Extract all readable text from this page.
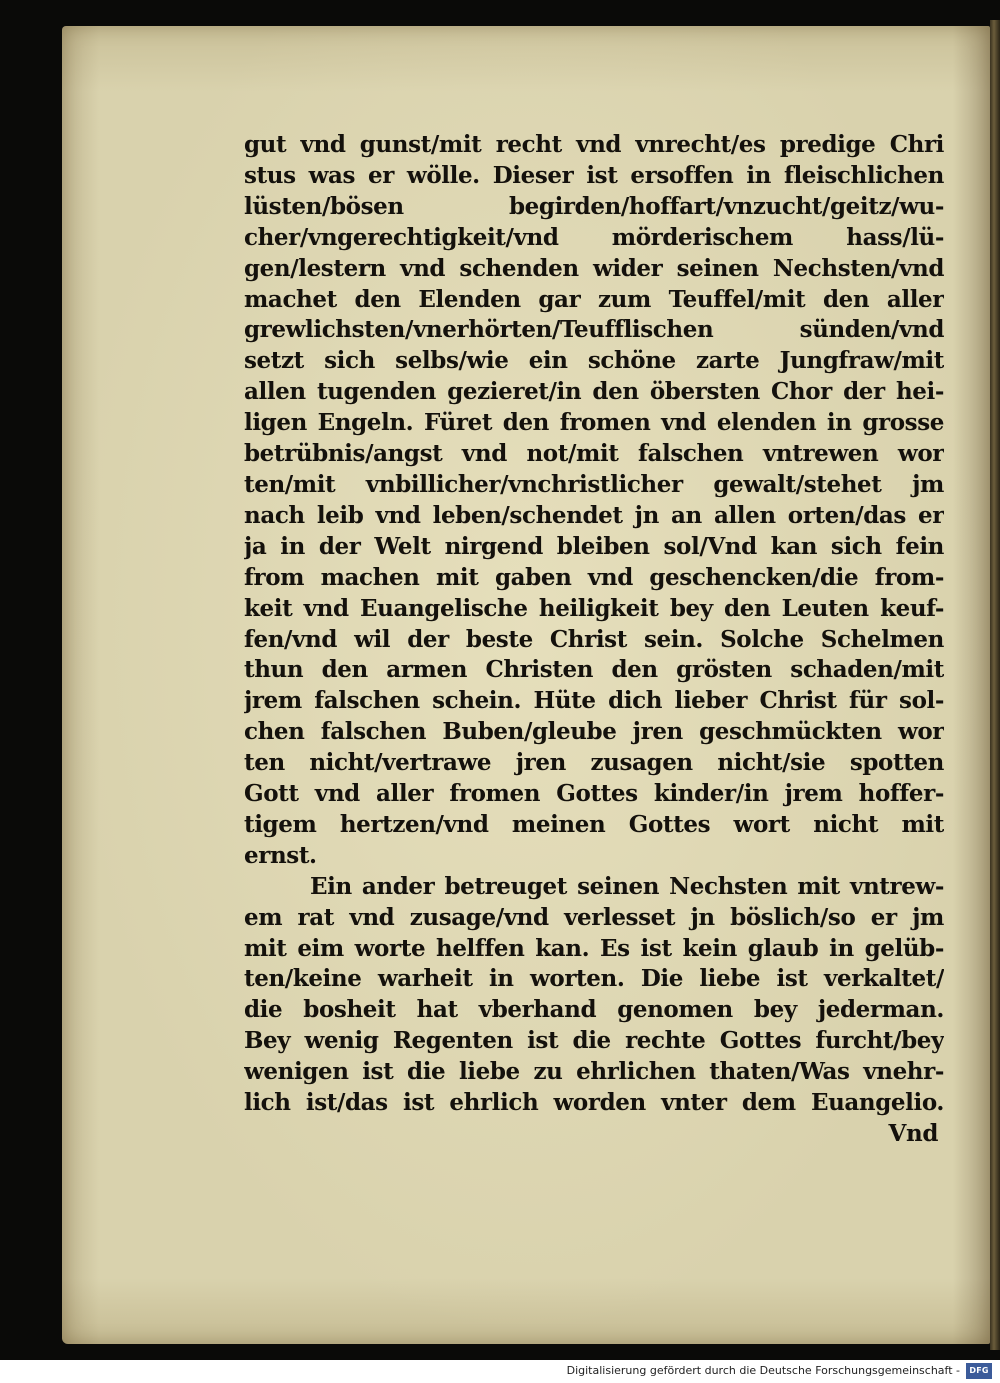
gut vnd gunst/mit recht vnd vnrecht/es predige Chri
stus was er wölle. Dieser ist ersoffen in fleischlichen
lüsten/bösen begirden/hoffart/vnzucht/geitz/wu-
cher/vngerechtigkeit/vnd mörderischem hass/lü-
gen/lestern vnd schenden wider seinen Nechsten/vnd
machet den Elenden gar zum Teuffel/mit den aller
grewlichsten/vnerhörten/Teufflischen sünden/vnd
setzt sich selbs/wie ein schöne zarte Jungfraw/mit
allen tugenden gezieret/in den öbersten Chor der hei-
ligen Engeln. Füret den fromen vnd elenden in grosse
betrübnis/angst vnd not/mit falschen vntrewen wor
ten/mit vnbillicher/vnchristlicher gewalt/stehet jm
nach leib vnd leben/schendet jn an allen orten/das er
ja in der Welt nirgend bleiben sol/Vnd kan sich fein
from machen mit gaben vnd geschencken/die from-
keit vnd Euangelische heiligkeit bey den Leuten keuf-
fen/vnd wil der beste Christ sein. Solche Schelmen
thun den armen Christen den grösten schaden/mit
jrem falschen schein. Hüte dich lieber Christ für sol-
chen falschen Buben/gleube jren geschmückten wor
ten nicht/vertrawe jren zusagen nicht/sie spotten
Gott vnd aller fromen Gottes kinder/in jrem hoffer-
tigem hertzen/vnd meinen Gottes wort nicht mit
ernst.
Ein ander betreuget seinen Nechsten mit vntrew-
em rat vnd zusage/vnd verlesset jn böslich/so er jm
mit eim worte helffen kan. Es ist kein glaub in gelüb-
ten/keine warheit in worten. Die liebe ist verkaltet/
die bosheit hat vberhand genomen bey jederman.
Bey wenig Regenten ist die rechte Gottes furcht/bey
wenigen ist die liebe zu ehrlichen thaten/Was vnehr-
lich ist/das ist ehrlich worden vnter dem Euangelio.
Vnd
Digitalisierung gefördert durch die Deutsche Forschungsgemeinschaft -	DFG
